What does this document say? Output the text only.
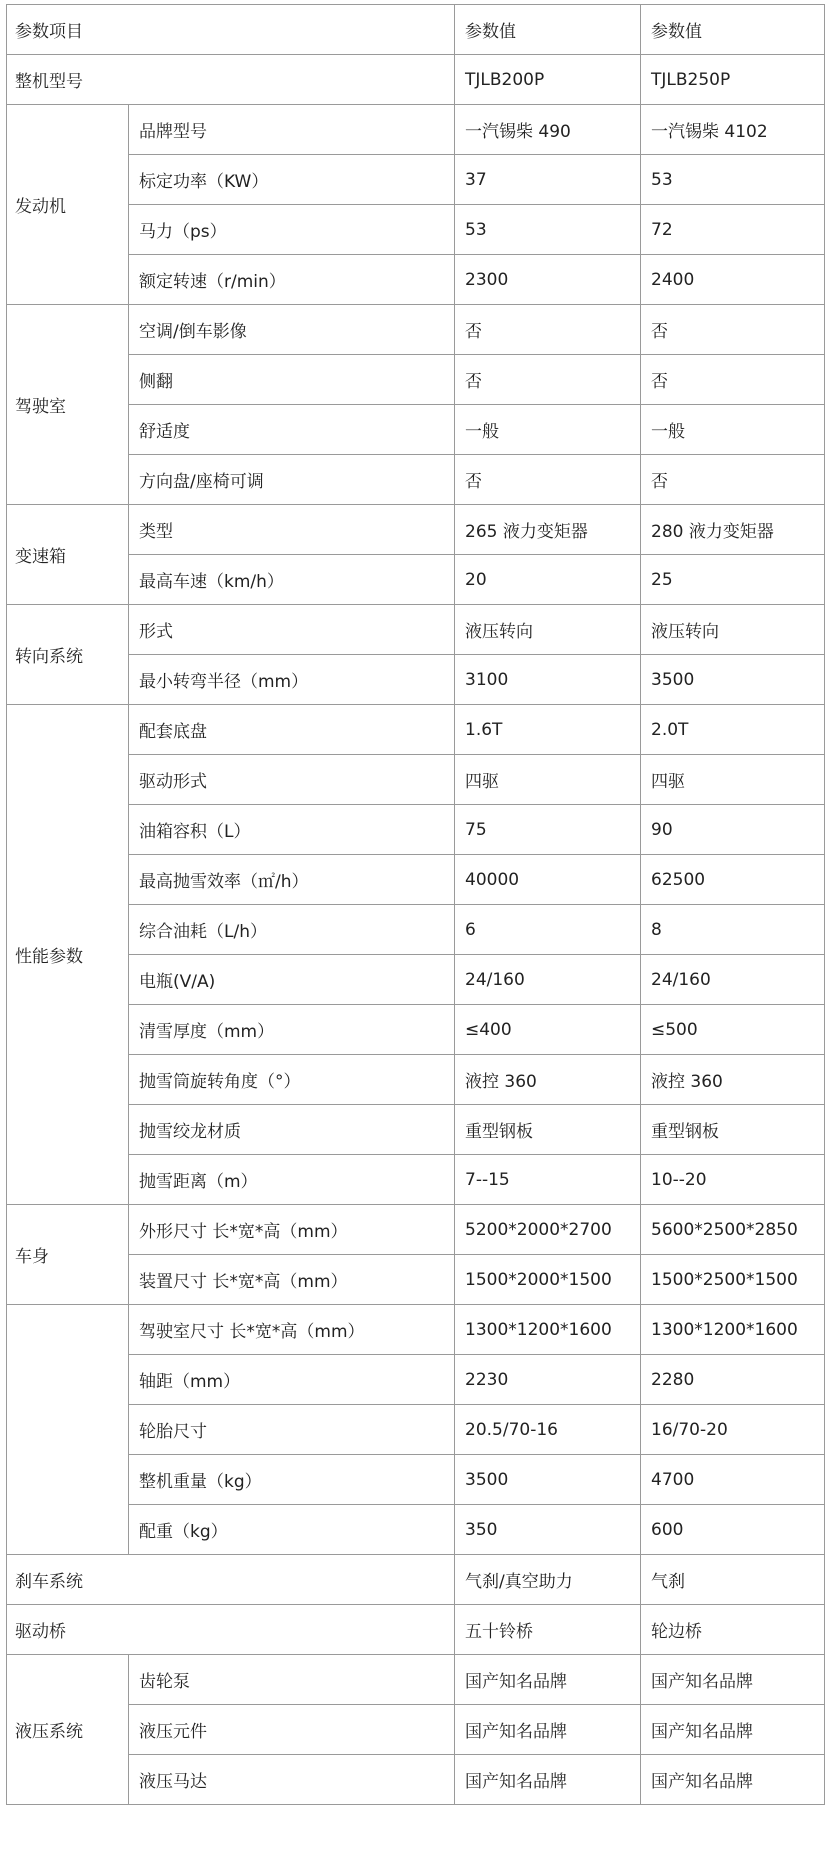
参数项目		参数值	参数值
整机型号		TJLB200P	TJLB250P
发动机	品牌型号	一汽锡柴 490	一汽锡柴 4102
	标定功率（KW）	37	53
	马力（ps）	53	72
	额定转速（r/min）	2300	2400
驾驶室	空调/倒车影像	否	否
	侧翻	否	否
	舒适度	一般	一般
	方向盘/座椅可调	否	否
变速箱	类型	265 液力变矩器	280 液力变矩器
	最高车速（km/h）	20	25
转向系统	形式	液压转向	液压转向
	最小转弯半径（mm）	3100	3500
性能参数	配套底盘	1.6T	2.0T
	驱动形式	四驱	四驱
	油箱容积（L）	75	90
	最高抛雪效率（㎡/h）	40000	62500
	综合油耗（L/h）	6	8
	电瓶(V/A)	24/160	24/160
	清雪厚度（mm）	≤400	≤500
	抛雪筒旋转角度（°）	液控 360	液控 360
	抛雪绞龙材质	重型钢板	重型钢板
	抛雪距离（m）	7--15	10--20
车身	外形尺寸 长*宽*高（mm）	5200*2000*2700	5600*2500*2850
	装置尺寸 长*宽*高（mm）	1500*2000*1500	1500*2500*1500
	驾驶室尺寸 长*宽*高（mm）	1300*1200*1600	1300*1200*1600
	轴距（mm）	2230	2280
	轮胎尺寸	20.5/70-16	16/70-20
	整机重量（kg）	3500	4700
	配重（kg）	350	600
刹车系统		气刹/真空助力	气刹
驱动桥		五十铃桥	轮边桥
液压系统	齿轮泵	国产知名品牌	国产知名品牌
	液压元件	国产知名品牌	国产知名品牌
	液压马达	国产知名品牌	国产知名品牌
